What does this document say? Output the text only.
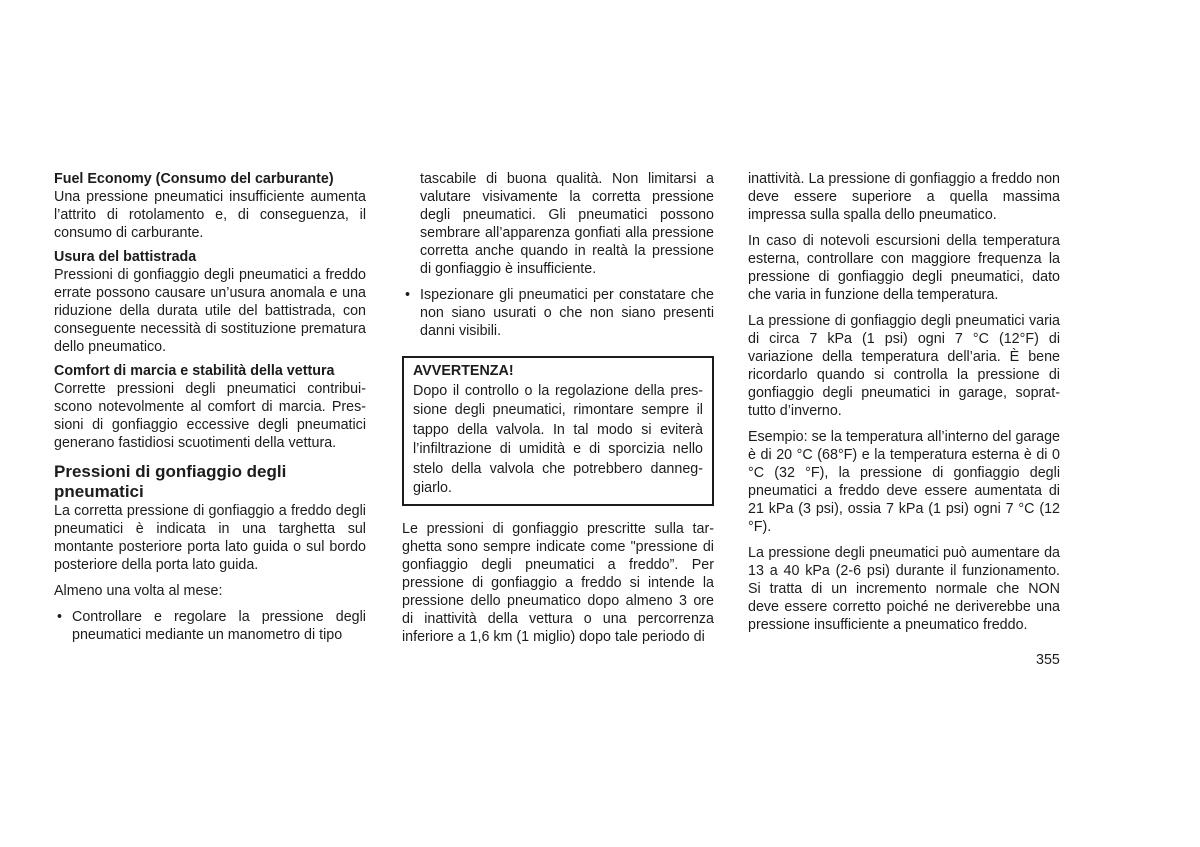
Fuel Economy (Consumo del carburante)

Una pressione pneumatici insufficiente aumenta l’attrito di rotolamento e, di conseguenza, il consumo di carburante.

Usura del battistrada

Pressioni di gonfiaggio degli pneumatici a freddo errate possono causare un’usura anomala e una riduzione della durata utile del battistrada, con conseguente necessità di sostituzione prematura dello pneumatico.

Comfort di marcia e stabilità della vettura

Corrette pressioni degli pneumatici contribuiscono notevolmente al comfort di marcia. Pressioni di gonfiaggio eccessive degli pneumatici generano fastidiosi scuotimenti della vettura.

Pressioni di gonfiaggio degli pneumatici

La corretta pressione di gonfiaggio a freddo degli pneumatici è indicata in una targhetta sul montante posteriore porta lato guida o sul bordo posteriore della porta lato guida.

Almeno una volta al mese:

• Controllare e regolare la pressione degli pneumatici mediante un manometro di tipo

tascabile di buona qualità. Non limitarsi a valutare visivamente la corretta pressione degli pneumatici. Gli pneumatici possono sembrare all’apparenza gonfiati alla pressione corretta anche quando in realtà la pressione di gonfiaggio è insufficiente.

• Ispezionare gli pneumatici per constatare che non siano usurati o che non siano presenti danni visibili.

AVVERTENZA!

Dopo il controllo o la regolazione della pressione degli pneumatici, rimontare sempre il tappo della valvola. In tal modo si eviterà l’infiltrazione di umidità e di sporcizia nello stelo della valvola che potrebbero danneggiarlo.

Le pressioni di gonfiaggio prescritte sulla targhetta sono sempre indicate come "pressione di gonfiaggio degli pneumatici a freddo”. Per pressione di gonfiaggio a freddo si intende la pressione dello pneumatico dopo almeno 3 ore di inattività della vettura o una percorrenza inferiore a 1,6 km (1 miglio) dopo tale periodo di

inattività. La pressione di gonfiaggio a freddo non deve essere superiore a quella massima impressa sulla spalla dello pneumatico.

In caso di notevoli escursioni della temperatura esterna, controllare con maggiore frequenza la pressione di gonfiaggio degli pneumatici, dato che varia in funzione della temperatura.

La pressione di gonfiaggio degli pneumatici varia di circa 7 kPa (1 psi) ogni 7 °C (12°F) di variazione della temperatura dell’aria. È bene ricordarlo quando si controlla la pressione di gonfiaggio degli pneumatici in garage, soprattutto d’inverno.

Esempio: se la temperatura all’interno del garage è di 20 °C (68°F) e la temperatura esterna è di 0 °C (32 °F), la pressione di gonfiaggio degli pneumatici a freddo deve essere aumentata di 21 kPa (3 psi), ossia 7 kPa (1 psi) ogni 7 °C (12 °F).

La pressione degli pneumatici può aumentare da 13 a 40 kPa (2-6 psi) durante il funzionamento. Si tratta di un incremento normale che NON deve essere corretto poiché ne deriverebbe una pressione insufficiente a pneumatico freddo.

355
